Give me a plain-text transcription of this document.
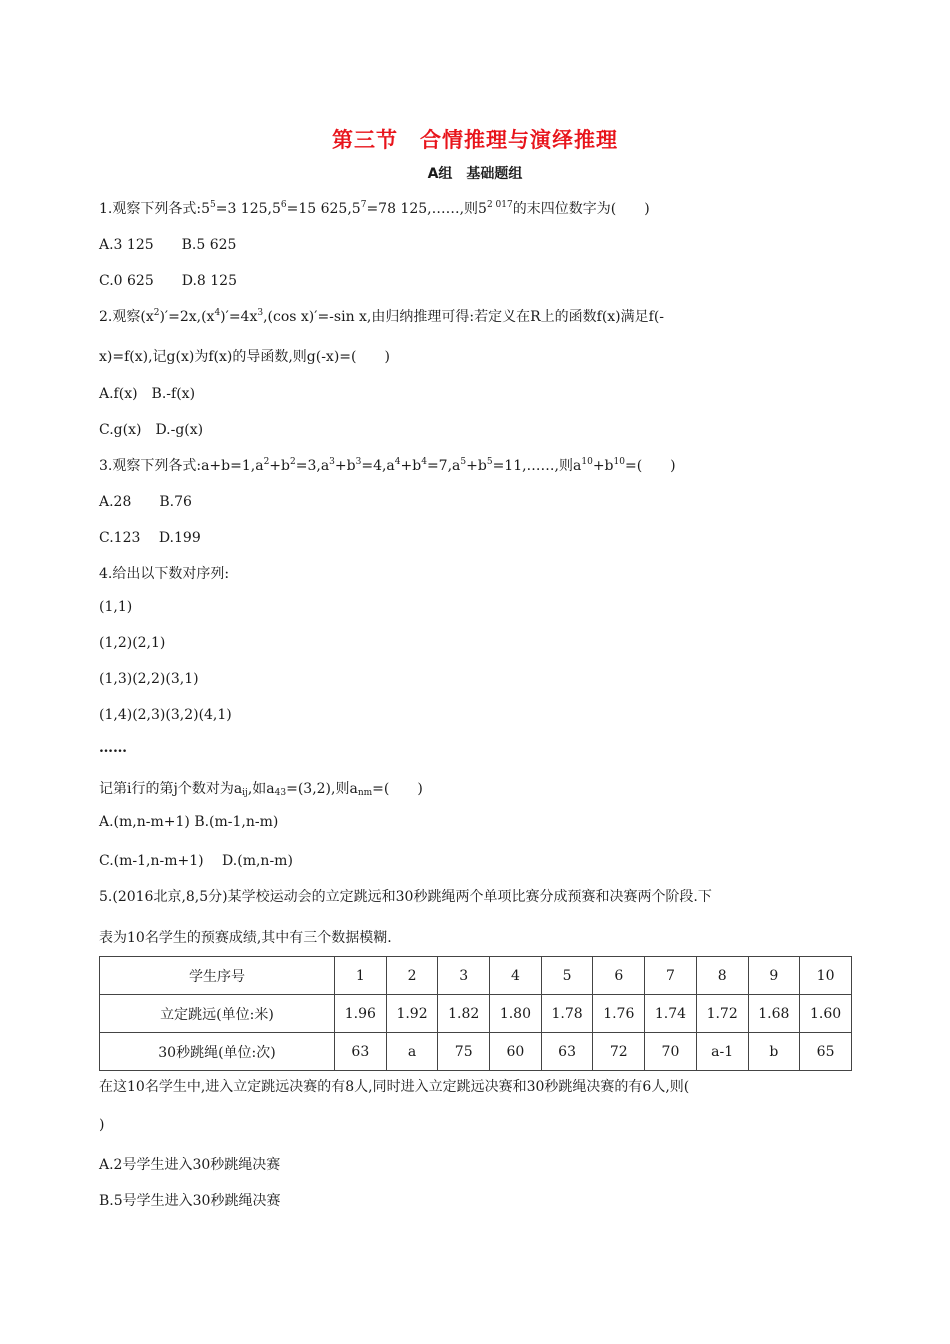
第三节　合情推理与演绎推理
A组　基础题组
1.观察下列各式$:5^5=3$ $125,5^6=15$ $625,5^7=78$ 125,……,则$5^{2 017}$的末四位数字为(　　)
A.3 125　　B.5 625
C.0 625　　D.8 125
2.观察$(x^2)'=2x,(x^4)'=4x^3,(\cos$ x)′=-sin x,由归纳推理可得:若定义在R上的函数f(x)满足f(-
x)=f(x),记g(x)为f(x)的导函数,则g(-x)=(　　)
A.f(x)　B.-f(x)
C.g(x)　D.-g(x)
3.观察下列各式$:a+b=1,a^2+b^2=3,a^3+b^3=4,a^4+b^4=7,a^5+b^5=11,\dots\dots$,则$a^{10}+b^{10}=$(　　)
A.28　　B.76
C.123　 D.199
4.给出以下数对序列:
(1,1)
(1,2)(2,1)
(1,3)(2,2)(3,1)
(1,4)(2,3)(3,2)(4,1)
……
记第i行的第j个数对为$a_{ij}$,如$a_{43}=(3,2)$,则$a_{nm}=$(　　)
A.(m,n-m+1) B.(m-1,n-m)
C.(m-1,n-m+1)　 D.(m,n-m)
5.(2016北京,8,5分)某学校运动会的立定跳远和30秒跳绳两个单项比赛分成预赛和决赛两个阶段.下
表为10名学生的预赛成绩,其中有三个数据模糊.
学生序号	1	2	3	4	5	6	7	8	9	10
立定跳远(单位:米)	1.96	1.92	1.82	1.80	1.78	1.76	1.74	1.72	1.68	1.60
30秒跳绳(单位:次)	63	a	75	60	63	72	70	a-1	b	65
在这10名学生中,进入立定跳远决赛的有8人,同时进入立定跳远决赛和30秒跳绳决赛的有6人,则(
)
A.2号学生进入30秒跳绳决赛
B.5号学生进入30秒跳绳决赛
